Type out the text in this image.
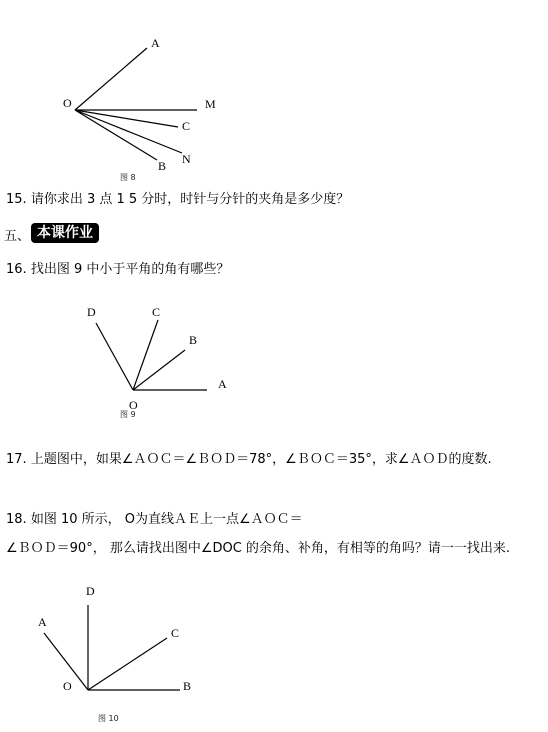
O
A
M
C
N
B
图 8
15. 请你求出 3 点 1 5 分时，时针与分针的夹角是多少度？
五、 本课作业
16. 找出图 9 中小于平角的角有哪些？
D	C
B
A
O
图 9
17. 上题图中，如果∠ＡＯＣ＝∠ＢＯＤ＝78°，∠ＢＯＣ＝35°，求∠ＡＯＤ的度数.
18. 如图 10 所示， O为直线ＡＥ上一点∠ＡＯＣ＝
∠ＢＯＤ＝90°， 那么请找出图中∠DOC 的余角、补角，有相等的角吗？请一一找出来.
D
A
C
O	B
图 10
